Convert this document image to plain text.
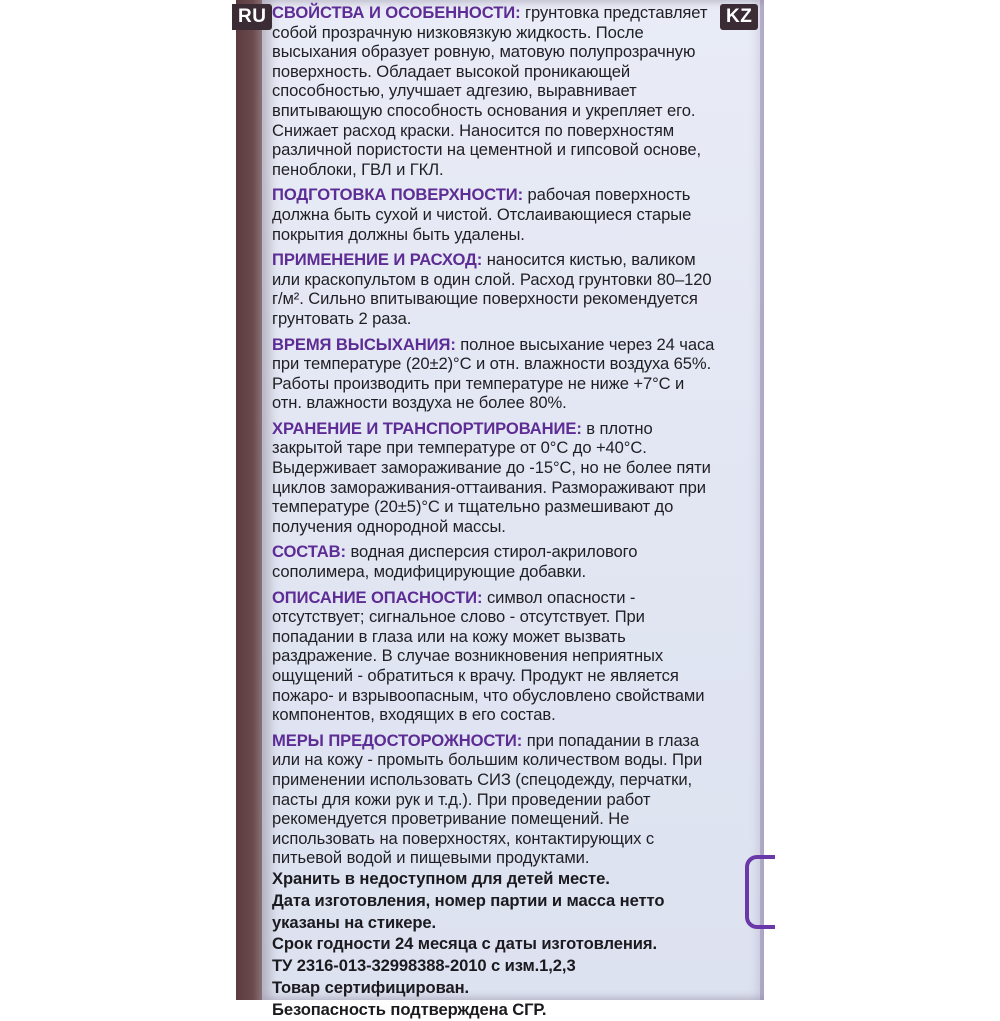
RU	KZ
СВОЙСТВА И ОСОБЕННОСТИ: грунтовка представляет собой прозрачную низковязкую жидкость. После высыхания образует ровную, матовую полупрозрачную поверхность. Обладает высокой проникающей способностью, улучшает адгезию, выравнивает впитывающую способность основания и укрепляет его. Снижает расход краски. Наносится по поверхностям различной пористости на цементной и гипсовой основе, пеноблоки, ГВЛ и ГКЛ.
ПОДГОТОВКА ПОВЕРХНОСТИ: рабочая поверхность должна быть сухой и чистой. Отслаивающиеся старые покрытия должны быть удалены.
ПРИМЕНЕНИЕ И РАСХОД: наносится кистью, валиком или краскопультом в один слой. Расход грунтовки 80–120 г/м². Сильно впитывающие поверхности рекомендуется грунтовать 2 раза.
ВРЕМЯ ВЫСЫХАНИЯ: полное высыхание через 24 часа при температуре (20±2)°С и отн. влажности воздуха 65%. Работы производить при температуре не ниже +7°С и отн. влажности воздуха не более 80%.
ХРАНЕНИЕ И ТРАНСПОРТИРОВАНИЕ: в плотно закрытой таре при температуре от 0°С до +40°С. Выдерживает замораживание до -15°С, но не более пяти циклов замораживания-оттаивания. Размораживают при температуре (20±5)°С и тщательно размешивают до получения однородной массы.
СОСТАВ: водная дисперсия стирол-акрилового сополимера, модифицирующие добавки.
ОПИСАНИЕ ОПАСНОСТИ: символ опасности - отсутствует; сигнальное слово - отсутствует. При попадании в глаза или на кожу может вызвать раздражение. В случае возникновения неприятных ощущений - обратиться к врачу. Продукт не является пожаро- и взрывоопасным, что обусловлено свойствами компонентов, входящих в его состав.
МЕРЫ ПРЕДОСТОРОЖНОСТИ: при попадании в глаза или на кожу - промыть большим количеством воды. При применении использовать СИЗ (спецодежду, перчатки, пасты для кожи рук и т.д.). При проведении работ рекомендуется проветривание помещений. Не использовать на поверхностях, контактирующих с питьевой водой и пищевыми продуктами.
Хранить в недоступном для детей месте.
Дата изготовления, номер партии и масса нетто указаны на стикере.
Срок годности 24 месяца с даты изготовления.
ТУ 2316-013-32998388-2010 с изм.1,2,3
Товар сертифицирован.
Безопасность подтверждена СГР.
